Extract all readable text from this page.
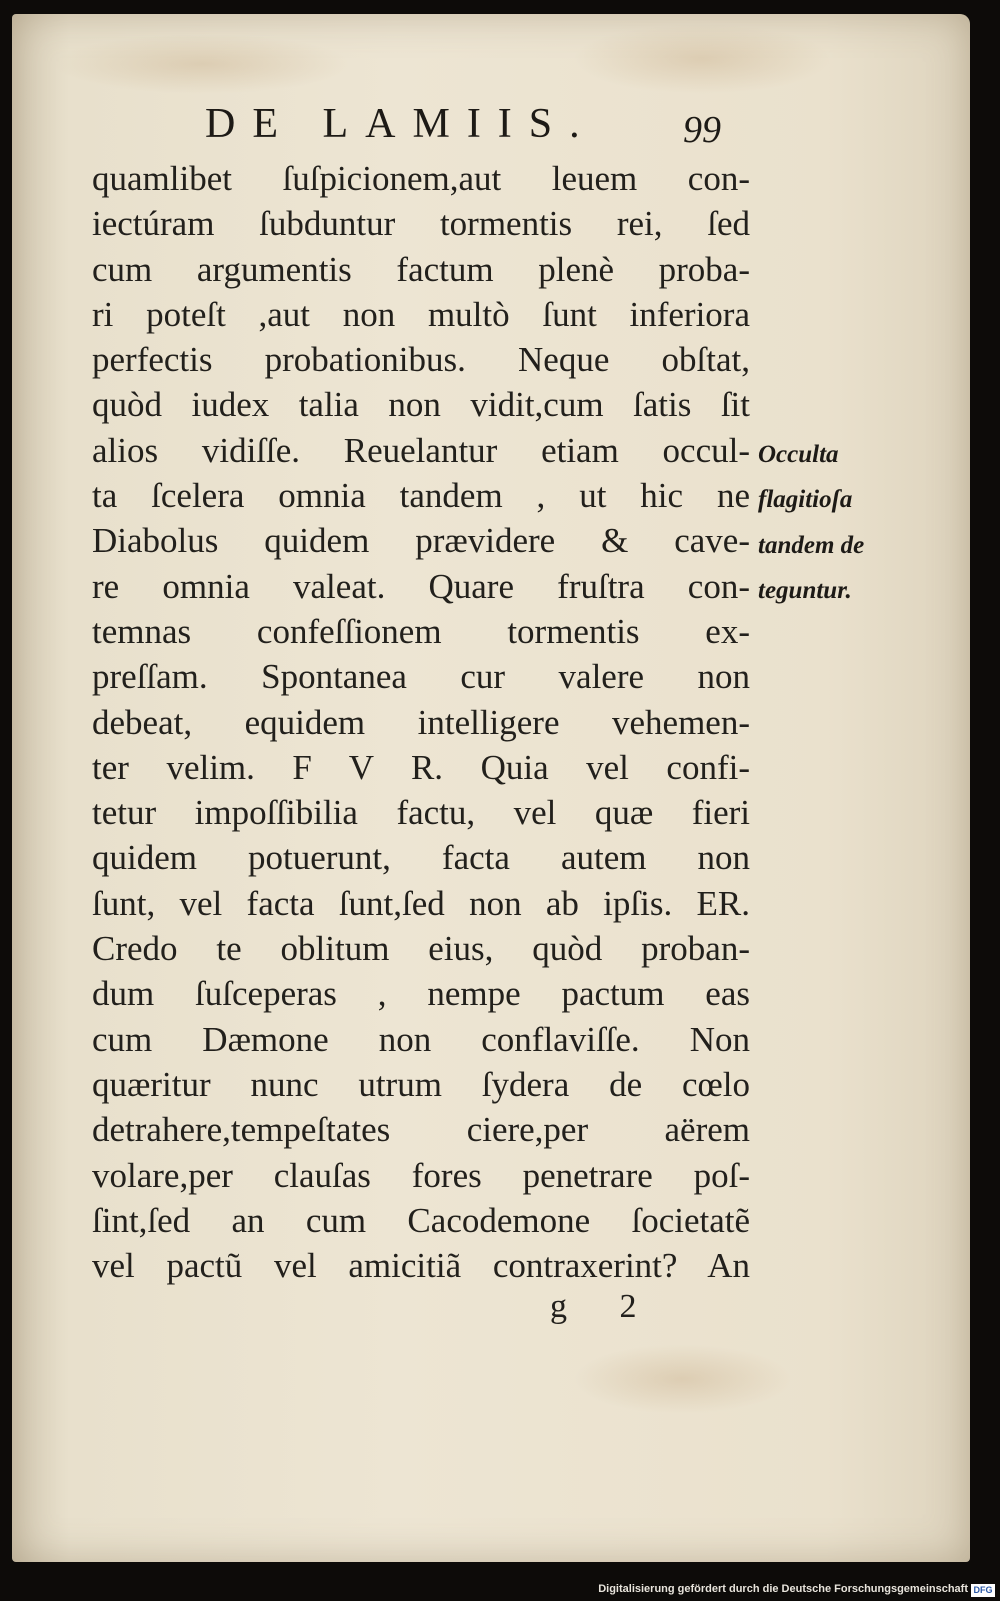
DE LAMIIS. 99
quamlibet ſuſpicionem,aut leuem con-
iectúram ſubduntur tormentis rei, ſed
cum argumentis factum plenè proba-
ri poteſt ,aut non multò ſunt inferiora
perfectis probationibus. Neque obſtat,
quòd iudex talia non vidit,cum ſatis ſit
alios vidiſſe. Reuelantur etiam occul-
ta ſcelera omnia tandem , ut hic ne
Diabolus quidem prævidere & cave-
re omnia valeat. Quare fruſtra con-
temnas confeſſionem tormentis ex-
preſſam. Spontanea cur valere non
debeat, equidem intelligere vehemen-
ter velim. F V R. Quia vel confi-
tetur impoſſibilia factu, vel quæ fieri
quidem potuerunt, facta autem non
ſunt, vel facta ſunt,ſed non ab ipſis. ER.
Credo te oblitum eius, quòd proban-
dum ſuſceperas , nempe pactum eas
cum Dæmone non conflaviſſe. Non
quæritur nunc utrum ſydera de cœlo
detrahere,tempeſtates ciere,per aërem
volare,per clauſas fores penetrare poſ-
ſint,ſed an cum Cacodemone ſocietatẽ
vel pactũ vel amicitiã contraxerint? An
Occulta
flagitioſa
tandem de
teguntur.
g 2
Digitalisierung gefördert durch die Deutsche Forschungsgemeinschaft DFG
